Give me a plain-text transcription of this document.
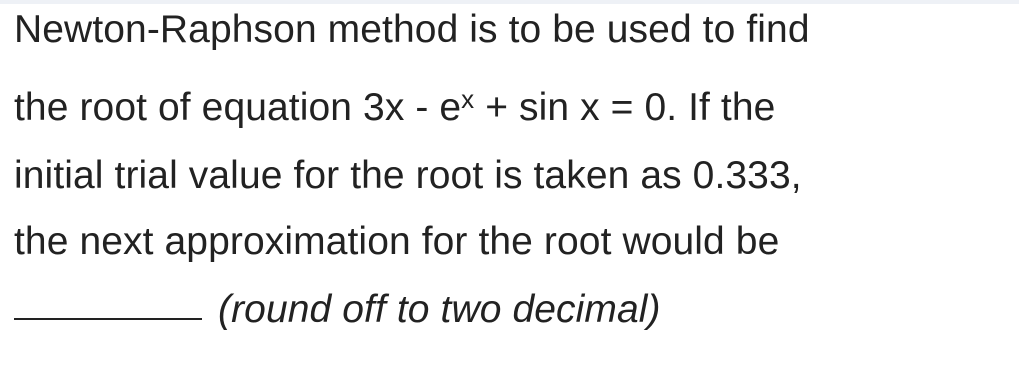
Newton-Raphson method is to be used to find
the root of equation $3x - e^x + \sin x = 0$. If the
initial trial value for the root is taken as 0.333,
the next approximation for the root would be
(round off to two decimal)
